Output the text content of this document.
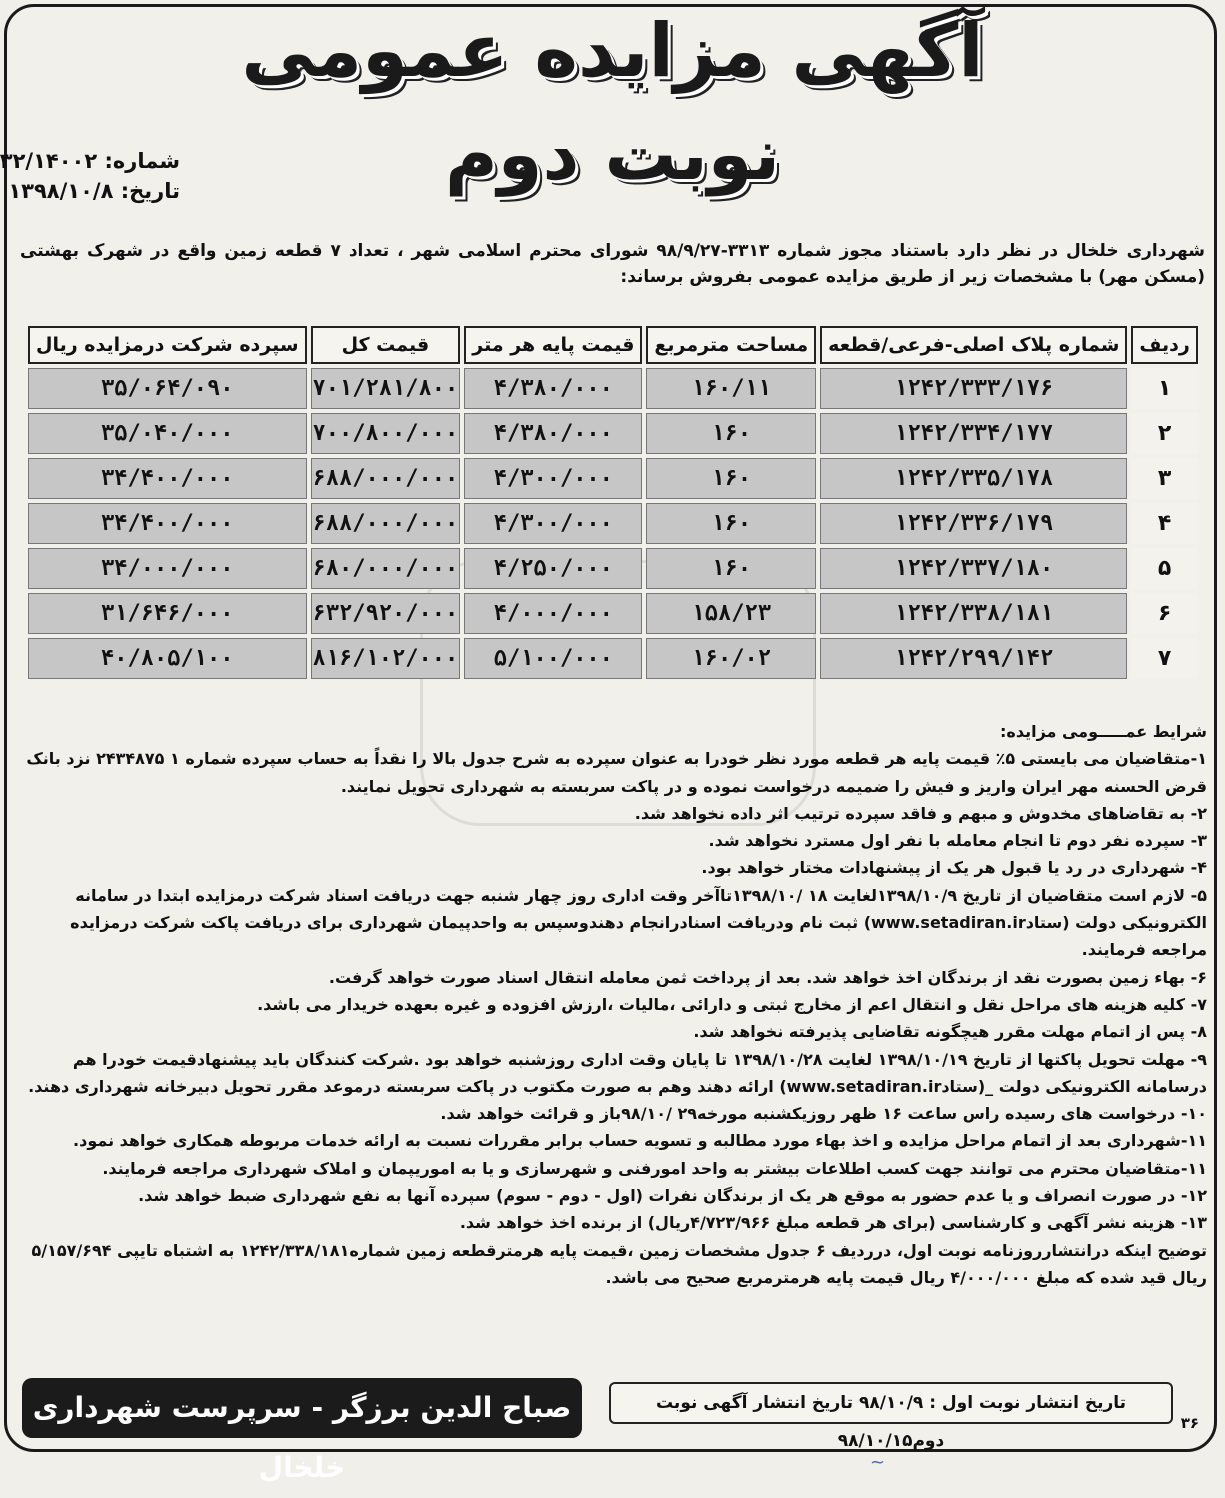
آگهی مزایده عمومی
نوبت دوم
شماره: ۳۲/۱۴۰۰۲
تاریخ: ۱۳۹۸/۱۰/۸
شهرداری خلخال در نظر دارد باستناد مجوز شماره ۳۳۱۳-۹۸/۹/۲۷ شورای محترم اسلامی شهر ، تعداد ۷ قطعه زمین واقع در شهرک بهشتی (مسکن مهر) با مشخصات زیر از طریق مزایده عمومی بفروش برساند:
ردیف	شماره پلاک اصلی-فرعی/قطعه	مساحت مترمربع	قیمت پایه هر متر	قیمت کل	سپرده شرکت درمزایده ریال
۱	۱۲۴۲/۳۳۳/۱۷۶	۱۶۰/۱۱	۴/۳۸۰/۰۰۰	۷۰۱/۲۸۱/۸۰۰	۳۵/۰۶۴/۰۹۰
۲	۱۲۴۲/۳۳۴/۱۷۷	۱۶۰	۴/۳۸۰/۰۰۰	۷۰۰/۸۰۰/۰۰۰	۳۵/۰۴۰/۰۰۰
۳	۱۲۴۲/۳۳۵/۱۷۸	۱۶۰	۴/۳۰۰/۰۰۰	۶۸۸/۰۰۰/۰۰۰	۳۴/۴۰۰/۰۰۰
۴	۱۲۴۲/۳۳۶/۱۷۹	۱۶۰	۴/۳۰۰/۰۰۰	۶۸۸/۰۰۰/۰۰۰	۳۴/۴۰۰/۰۰۰
۵	۱۲۴۲/۳۳۷/۱۸۰	۱۶۰	۴/۲۵۰/۰۰۰	۶۸۰/۰۰۰/۰۰۰	۳۴/۰۰۰/۰۰۰
۶	۱۲۴۲/۳۳۸/۱۸۱	۱۵۸/۲۳	۴/۰۰۰/۰۰۰	۶۳۲/۹۲۰/۰۰۰	۳۱/۶۴۶/۰۰۰
۷	۱۲۴۲/۲۹۹/۱۴۲	۱۶۰/۰۲	۵/۱۰۰/۰۰۰	۸۱۶/۱۰۲/۰۰۰	۴۰/۸۰۵/۱۰۰
شرایط عمـــــومی مزایده:
۱-متقاضیان می بایستی ۵٪ قیمت پایه هر قطعه مورد نظر خودرا به عنوان سپرده به شرح جدول بالا را نقداً به حساب سپرده شماره ۱ ۲۴۳۴۸۷۵ نزد بانک قرض الحسنه مهر ایران واریز و فیش را ضمیمه درخواست نموده و در پاکت سربسته به شهرداری تحویل نمایند.
۲- به تقاضاهای مخدوش و مبهم و فاقد سپرده ترتیب اثر داده نخواهد شد.
۳- سپرده نفر دوم تا انجام معامله با نفر اول مسترد نخواهد شد.
۴- شهرداری در رد یا قبول هر یک از پیشنهادات مختار خواهد بود.
۵- لازم است متقاضیان از تاریخ ۱۳۹۸/۱۰/۹لغایت ۱۸ /۱۳۹۸/۱۰تاآخر وقت اداری روز چهار شنبه جهت دریافت اسناد شرکت درمزایده ابتدا در سامانه الکترونیکی دولت (ستادwww.setadiran.ir) ثبت نام ودریافت اسنادرانجام دهندوسپس به واحدپیمان شهرداری برای دریافت پاکت شرکت درمزایده مراجعه فرمایند.
۶- بهاء زمین بصورت نقد از برندگان اخذ خواهد شد. بعد از پرداخت ثمن معامله انتقال اسناد صورت خواهد گرفت.
۷- کلیه هزینه های مراحل نقل و انتقال اعم از مخارج ثبتی و دارائی ،مالیات ،ارزش افزوده و غیره بعهده خریدار می باشد.
۸- پس از اتمام مهلت مقرر هیچگونه تقاضایی پذیرفته نخواهد شد.
۹- مهلت تحویل پاکتها از تاریخ ۱۳۹۸/۱۰/۱۹ لغایت ۱۳۹۸/۱۰/۲۸ تا پایان وقت اداری روزشنبه خواهد بود .شرکت کنندگان باید پیشنهادقیمت خودرا هم درسامانه الکترونیکی دولت _(ستادwww.setadiran.ir) ارائه دهند وهم به صورت مکتوب در پاکت سربسته درموعد مقرر تحویل دبیرخانه شهرداری دهند.
۱۰- درخواست های رسیده راس ساعت ۱۶ ظهر روزیکشنبه مورخه۲۹ /۹۸/۱۰باز و قرائت خواهد شد.
۱۱-شهرداری بعد از اتمام مراحل مزایده و اخذ بهاء مورد مطالبه و تسویه حساب برابر مقررات نسبت به ارائه خدمات مربوطه همکاری خواهد نمود.
۱۱-متقاضیان محترم می توانند جهت کسب اطلاعات بیشتر به واحد امورفنی و شهرسازی و یا به اموریپمان و املاک شهرداری مراجعه فرمایند.
۱۲- در صورت انصراف و یا عدم حضور به موقع هر یک از برندگان نفرات (اول - دوم - سوم) سپرده آنها به نفع شهرداری ضبط خواهد شد.
۱۳- هزینه نشر آگهی و کارشناسی (برای هر قطعه مبلغ ۴/۷۲۳/۹۶۶ریال) از برنده اخذ خواهد شد.
توضیح اینکه درانتشارروزنامه نوبت اول، درردیف ۶ جدول مشخصات زمین ،قیمت پایه هرمترقطعه زمین شماره۱۲۴۲/۳۳۸/۱۸۱ به اشتباه تایپی ۵/۱۵۷/۶۹۴ ریال قید شده که مبلغ ۴/۰۰۰/۰۰۰ ریال قیمت پایه هرمترمربع صحیح می باشد.
تاریخ انتشار نوبت اول : ۹۸/۱۰/۹ تاریخ انتشار آگهی نوبت دوم۹۸/۱۰/۱۵
۳۶
صباح الدین برزگر - سرپرست شهرداری خلخال	~
